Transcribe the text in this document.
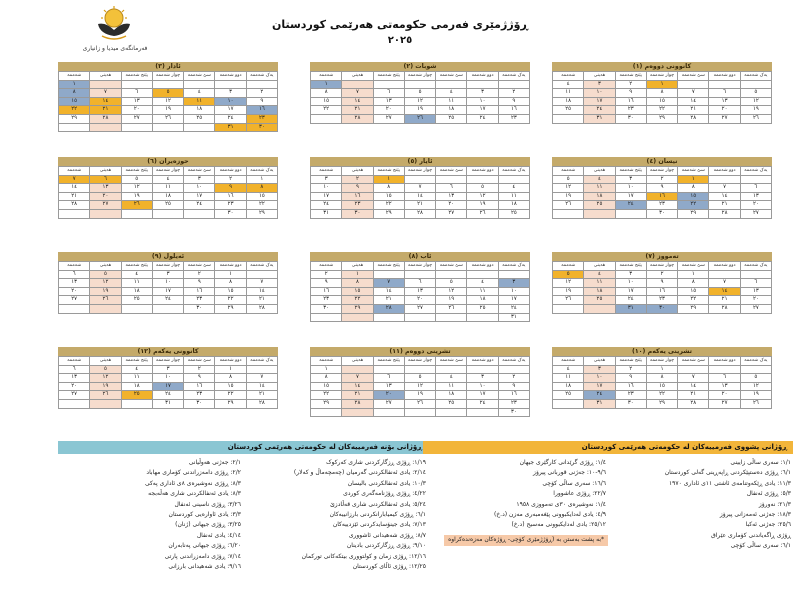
فەرمانگەی میدیا و زانیاری
ڕۆژژمێری فەرمی حکومەتی هەرێمی کوردستان
٢٠٢٥
کانوونی دووەم (١)
یەک شەممە	دوو شەممە	سێ شەممە	چوار شەممە	پێنج شەممە	هەینی	شەممە
			١	٢	٣	٤
٥	٦	٧	٨	٩	١٠	١١
١٢	١٣	١٤	١٥	١٦	١٧	١٨
١٩	٢٠	٢١	٢٢	٢٣	٢٤	٢٥
٢٦	٢٧	٢٨	٢٩	٣٠	٣١	
شوبات (٢)
یەک شەممە	دوو شەممە	سێ شەممە	چوار شەممە	پێنج شەممە	هەینی	شەممە
						١
٢	٣	٤	٥	٦	٧	٨
٩	١٠	١١	١٢	١٣	١٤	١٥
١٦	١٧	١٨	١٩	٢٠	٢١	٢٢
٢٣	٢٤	٢٥	٢٦	٢٧	٢٨	
ئادار (٣)
یەک شەممە	دوو شەممە	سێ شەممە	چوار شەممە	پێنج شەممە	هەینی	شەممە
						١
٢	٣	٤	٥	٦	٧	٨
٩	١٠	١١	١٢	١٣	١٤	١٥
١٦	١٧	١٨	١٩	٢٠	٢١	٢٢
٢٣	٢٤	٢٥	٢٦	٢٧	٢٨	٢٩
٣٠	٣١					
نیسان (٤)
یەک شەممە	دوو شەممە	سێ شەممە	چوار شەممە	پێنج شەممە	هەینی	شەممە
		١	٢	٣	٤	٥
٦	٧	٨	٩	١٠	١١	١٢
١٣	١٤	١٥	١٦	١٧	١٨	١٩
٢٠	٢١	٢٢	٢٣	٢٤	٢٥	٢٦
٢٧	٢٨	٢٩	٣٠			
ئایار (٥)
یەک شەممە	دوو شەممە	سێ شەممە	چوار شەممە	پێنج شەممە	هەینی	شەممە
				١	٢	٣
٤	٥	٦	٧	٨	٩	١٠
١١	١٢	١٣	١٤	١٥	١٦	١٧
١٨	١٩	٢٠	٢١	٢٢	٢٣	٢٤
٢٥	٢٦	٢٧	٢٨	٢٩	٣٠	٣١
حوزەیران (٦)
یەک شەممە	دوو شەممە	سێ شەممە	چوار شەممە	پێنج شەممە	هەینی	شەممە
١	٢	٣	٤	٥	٦	٧
٨	٩	١٠	١١	١٢	١٣	١٤
١٥	١٦	١٧	١٨	١٩	٢٠	٢١
٢٢	٢٣	٢٤	٢٥	٢٦	٢٧	٢٨
٢٩	٣٠					
تەمووز (٧)
یەک شەممە	دوو شەممە	سێ شەممە	چوار شەممە	پێنج شەممە	هەینی	شەممە
		١	٢	٣	٤	٥
٦	٧	٨	٩	١٠	١١	١٢
١٣	١٤	١٥	١٦	١٧	١٨	١٩
٢٠	٢١	٢٢	٢٣	٢٤	٢٥	٢٦
٢٧	٢٨	٢٩	٣٠	٣١		
ئاب (٨)
یەک شەممە	دوو شەممە	سێ شەممە	چوار شەممە	پێنج شەممە	هەینی	شەممە
					١	٢
٣	٤	٥	٦	٧	٨	٩
١٠	١١	١٢	١٣	١٤	١٥	١٦
١٧	١٨	١٩	٢٠	٢١	٢٢	٢٣
٢٤	٢٥	٢٦	٢٧	٢٨	٢٩	٣٠
٣١						
ئەیلول (٩)
یەک شەممە	دوو شەممە	سێ شەممە	چوار شەممە	پێنج شەممە	هەینی	شەممە
	١	٢	٣	٤	٥	٦
٧	٨	٩	١٠	١١	١٢	١٣
١٤	١٥	١٦	١٧	١٨	١٩	٢٠
٢١	٢٢	٢٣	٢٤	٢٥	٢٦	٢٧
٢٨	٢٩	٣٠				
تشرینی یەکەم (١٠)
یەک شەممە	دوو شەممە	سێ شەممە	چوار شەممە	پێنج شەممە	هەینی	شەممە
			١	٢	٣	٤
٥	٦	٧	٨	٩	١٠	١١
١٢	١٣	١٤	١٥	١٦	١٧	١٨
١٩	٢٠	٢١	٢٢	٢٣	٢٤	٢٥
٢٦	٢٧	٢٨	٢٩	٣٠	٣١	
تشرینی دووەم (١١)
یەک شەممە	دوو شەممە	سێ شەممە	چوار شەممە	پێنج شەممە	هەینی	شەممە
						١
٢	٣	٤	٥	٦	٧	٨
٩	١٠	١١	١٢	١٣	١٤	١٥
١٦	١٧	١٨	١٩	٢٠	٢١	٢٢
٢٣	٢٤	٢٥	٢٦	٢٧	٢٨	٢٩
٣٠						
کانوونی یەکەم (١٢)
یەک شەممە	دوو شەممە	سێ شەممە	چوار شەممە	پێنج شەممە	هەینی	شەممە
	١	٢	٣	٤	٥	٦
٧	٨	٩	١٠	١١	١٢	١٣
١٤	١٥	١٦	١٧	١٨	١٩	٢٠
٢١	٢٢	٢٣	٢٤	٢٥	٢٦	٢٧
٢٨	٢٩	٣٠	٣١			
ڕۆژانی بۆنە فەرمییەکان لە حکومەتی هەرێمی کوردستان
١/١٩: ڕۆژی ڕزگارکردنی شاری کەرکوک
٢/١٤: یادی ئەنفالکردنی گەرمیان (چەمچەماڵ و کەلار)
١٠/٣: یادی ئەنفالکردنی بالیسان
٤/٢٢: ڕۆژی ڕۆژنامەگەری کوردی
٥/٢٤: یادی ئەنفالکردنی شاری قەڵادزێ
٦/١: ڕۆژی کیمیابارانکردنی بارزانییەکان
٧/١٣: یادی جینۆسایدکردنی ئێزدییەکان
٨/٧: ڕۆژی شەهیدانی ئاشووری
٩/١٠: ڕۆژی ڕزگارکردنی بادینان
١٢/١٦: ڕۆژی زمان و کولتووری بیتکەکانی تورکمان
١٢/٢٥: ڕۆژی ئاڵای کوردستان
٢/١: جەژنی هەوڵیانی
٢/٢: ڕۆژی دامەزراندنی کۆماری مهاباد
٨/٣: ڕۆژی نەوشیرەی ٨ی ئاداری پەکی
٨/٣: یادی ئەنفالکردنی شاری هەڵەبجە
٣/٢٦: ڕۆژی ناسینی ئەنفال
٣/٣: یادی ئاوارەیی کوردستان
٣/٢٥: ڕۆژی جیهانی (ژنان)
٤/١٤: یادی ئەنفال
٦/٢٠: ڕۆژی جیهانی پەنابەران
٧/١٤: ڕۆژی دامەزراندنی پارتی
٩/١٦: یادی شەهیدانی بارزانی
ڕۆژانی پشووی فەرمییەکان لە حکومەتی هەرێمی کوردستان
١/١: سەری ساڵی زایینی
٦/١: ڕۆژی دەستپێکردنی ڕاپەڕینی گەلی کوردستان
١١/٣: یادی ڕێکەوتنامەی ئاشتی ١١ی ئاداری ١٩٧٠
٥/٣: ڕۆژی ئەنفال
٢١/٣: نەورۆز
١٨/٣: جەژنی ئەمەزانی پیرۆز
٢٥/٦: جەژنی ئەکبا
ڕۆژی ڕاگەیاندنی کۆماری عێراق
٦/١: سەری ساڵی کۆچی
١/٤: ڕۆژی گرێدانی کارگێری جیهان
٩/٦-١٠: جەژنی قوربانی پیرۆز
١٦/٦: سەری ساڵی کۆچی
٢٢/٧: ڕۆژی عاشوورا
١/٤: نەوشیرەی ٣٠ی تەمووزی ١٩٥٨
٤/٩: یادی لەدایکبوونی پێغەمبەری مەزن (د.خ)
٢٥/١٢: یادی لەدایکبوونی مەسیح (د.خ)
*به پشت بەستن بە (ڕۆژژمێری کۆچی- ڕۆژەکان مەزەندەکراوە
